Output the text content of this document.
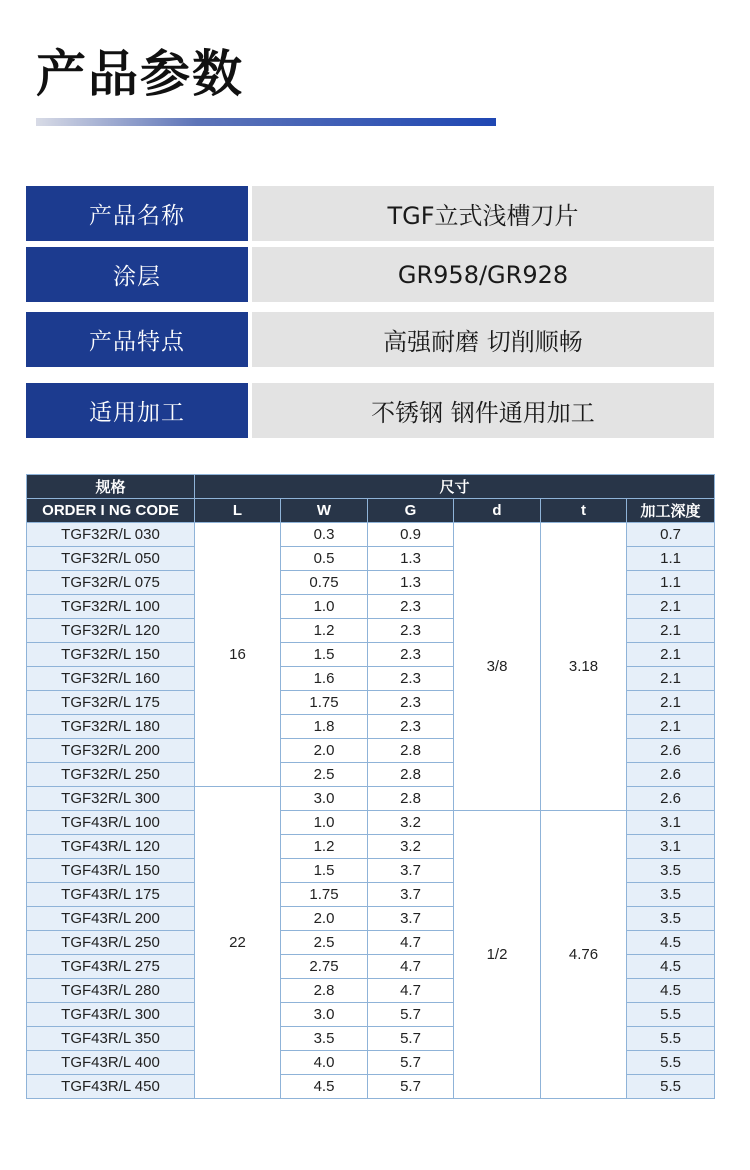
产品参数
产品名称	TGF立式浅槽刀片
涂层	GR958/GR928
产品特点	高强耐磨 切削顺畅
适用加工	不锈钢 钢件通用加工
规格	尺寸					
ORDER I NG CODE	L	W	G	d	t	加工深度
TGF32R/L 030	16	0.3	0.9	3/8	3.18	0.7
TGF32R/L 050		0.5	1.3			1.1
TGF32R/L 075		0.75	1.3			1.1
TGF32R/L 100		1.0	2.3			2.1
TGF32R/L 120		1.2	2.3			2.1
TGF32R/L 150		1.5	2.3			2.1
TGF32R/L 160		1.6	2.3			2.1
TGF32R/L 175		1.75	2.3			2.1
TGF32R/L 180		1.8	2.3			2.1
TGF32R/L 200		2.0	2.8			2.6
TGF32R/L 250		2.5	2.8			2.6
TGF32R/L 300	22	3.0	2.8			2.6
TGF43R/L 100		1.0	3.2	1/2	4.76	3.1
TGF43R/L 120		1.2	3.2			3.1
TGF43R/L 150		1.5	3.7			3.5
TGF43R/L 175		1.75	3.7			3.5
TGF43R/L 200		2.0	3.7			3.5
TGF43R/L 250		2.5	4.7			4.5
TGF43R/L 275		2.75	4.7			4.5
TGF43R/L 280		2.8	4.7			4.5
TGF43R/L 300		3.0	5.7			5.5
TGF43R/L 350		3.5	5.7			5.5
TGF43R/L 400		4.0	5.7			5.5
TGF43R/L 450		4.5	5.7			5.5
